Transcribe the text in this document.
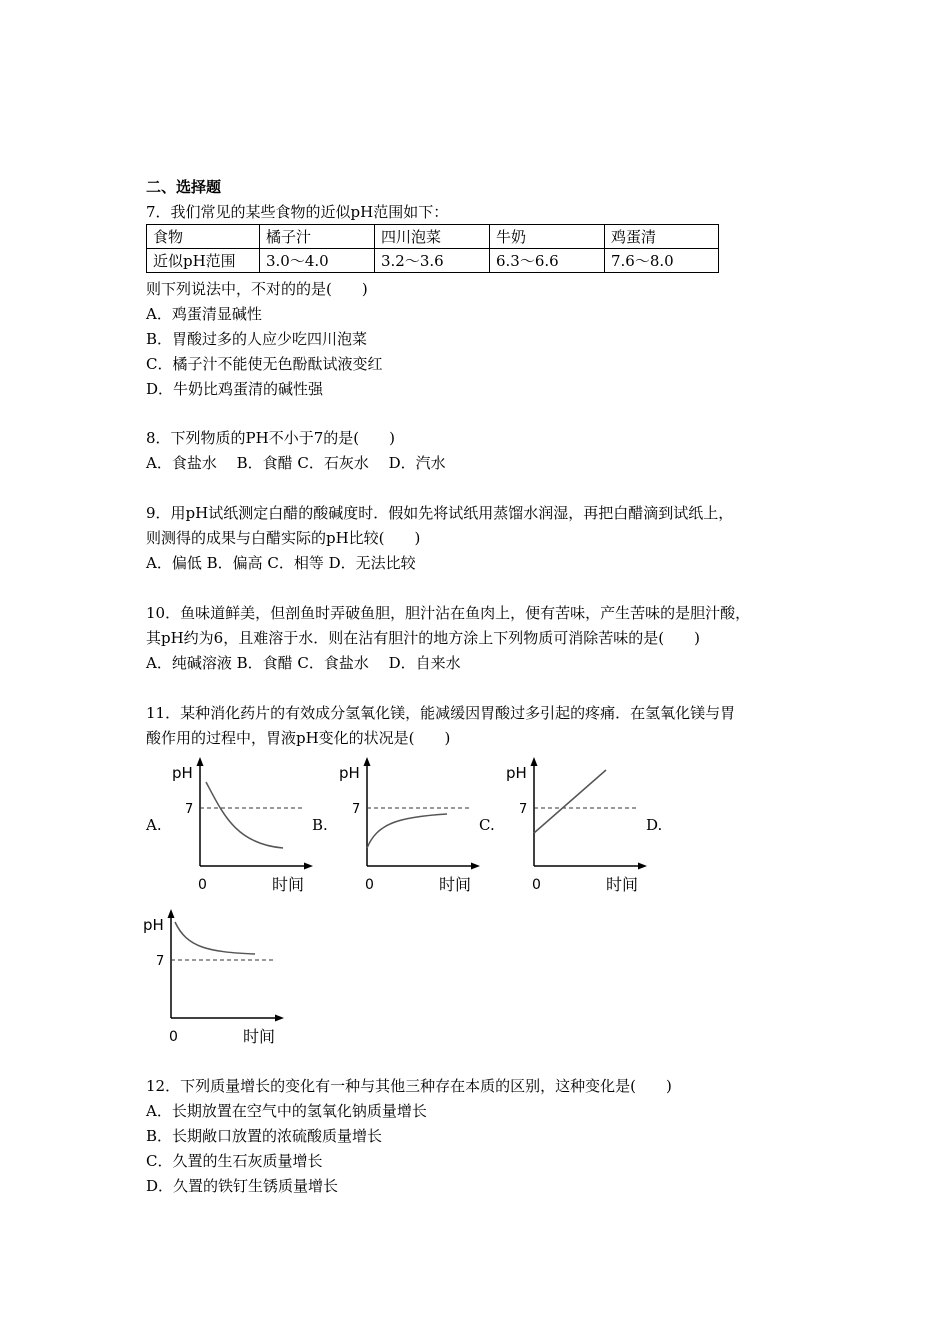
二、选择题
7．我们常见的某些食物的近似pH范围如下：
食物	橘子汁	四川泡菜	牛奶	鸡蛋清
近似pH范围	3.0～4.0	3.2～3.6	6.3～6.6	7.6～8.0
则下列说法中，不对的的是(　　)
A．鸡蛋清显碱性
B．胃酸过多的人应少吃四川泡菜
C．橘子汁不能使无色酚酞试液变红
D．牛奶比鸡蛋清的碱性强
8．下列物质的PH不小于7的是(　　)
A．食盐水　 B．食醋 C．石灰水　 D．汽水
9．用pH试纸测定白醋的酸碱度时．假如先将试纸用蒸馏水润湿，再把白醋滴到试纸上，
则测得的成果与白醋实际的pH比较(　　)
A．偏低 B．偏高 C．相等 D．无法比较
10．鱼味道鲜美，但剖鱼时弄破鱼胆，胆汁沾在鱼肉上，便有苦味，产生苦味的是胆汁酸，
其pH约为6，且难溶于水．则在沾有胆汁的地方涂上下列物质可消除苦味的是(　　)
A．纯碱溶液 B．食醋 C．食盐水　 D．自来水
11．某种消化药片的有效成分氢氧化镁，能减缓因胃酸过多引起的疼痛．在氢氧化镁与胃
酸作用的过程中，胃液pH变化的状况是(　　)
A.	B.	C.	D.
pH
7
0	时间
pH
7
0	时间
pH
7
0	时间
pH
7
0	时间
12．下列质量增长的变化有一种与其他三种存在本质的区别，这种变化是(　　)
A．长期放置在空气中的氢氧化钠质量增长
B．长期敞口放置的浓硫酸质量增长
C．久置的生石灰质量增长
D．久置的铁钉生锈质量增长
